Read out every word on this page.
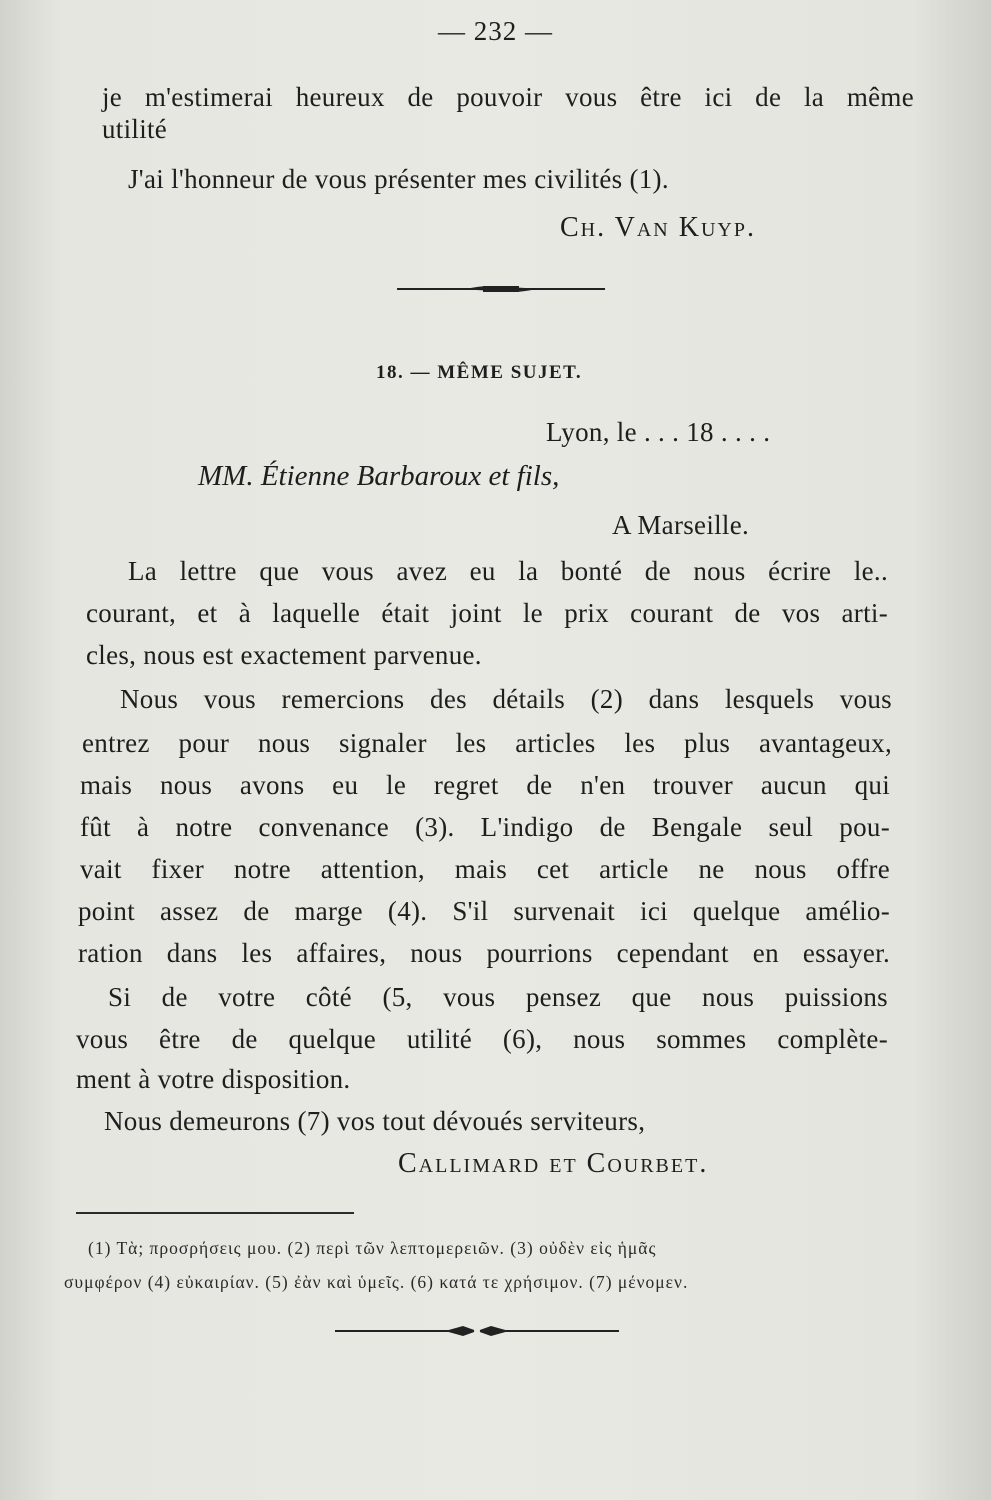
— 232 —
je m'estimerai heureux de pouvoir vous être ici de la même
utilité
J'ai l'honneur de vous présenter mes civilités (1).
Ch. Van Kuyp.
18. — MÊME SUJET.
Lyon, le . . . 18 . . . .
MM. Étienne Barbaroux et fils,
A Marseille.
La lettre que vous avez eu la bonté de nous écrire le..
courant, et à laquelle était joint le prix courant de vos arti-
cles, nous est exactement parvenue.
Nous vous remercions des détails (2) dans lesquels vous
entrez pour nous signaler les articles les plus avantageux,
mais nous avons eu le regret de n'en trouver aucun qui
fût à notre convenance (3). L'indigo de Bengale seul pou-
vait fixer notre attention, mais cet article ne nous offre
point assez de marge (4). S'il survenait ici quelque amélio-
ration dans les affaires, nous pourrions cependant en essayer.
Si de votre côté (5, vous pensez que nous puissions
vous être de quelque utilité (6), nous sommes complète-
ment à votre disposition.
Nous demeurons (7) vos tout dévoués serviteurs,
Callimard et Courbet.
(1) Τὰ; προσρήσεις μου. (2) περὶ τῶν λεπτομερειῶν. (3) οὐδὲν εἰς ἡμᾶς
συμφέρον (4) εὐκαιρίαν. (5) ἐὰν καὶ ὑμεῖς. (6) κατά τε χρήσιμον. (7) μένομεν.
